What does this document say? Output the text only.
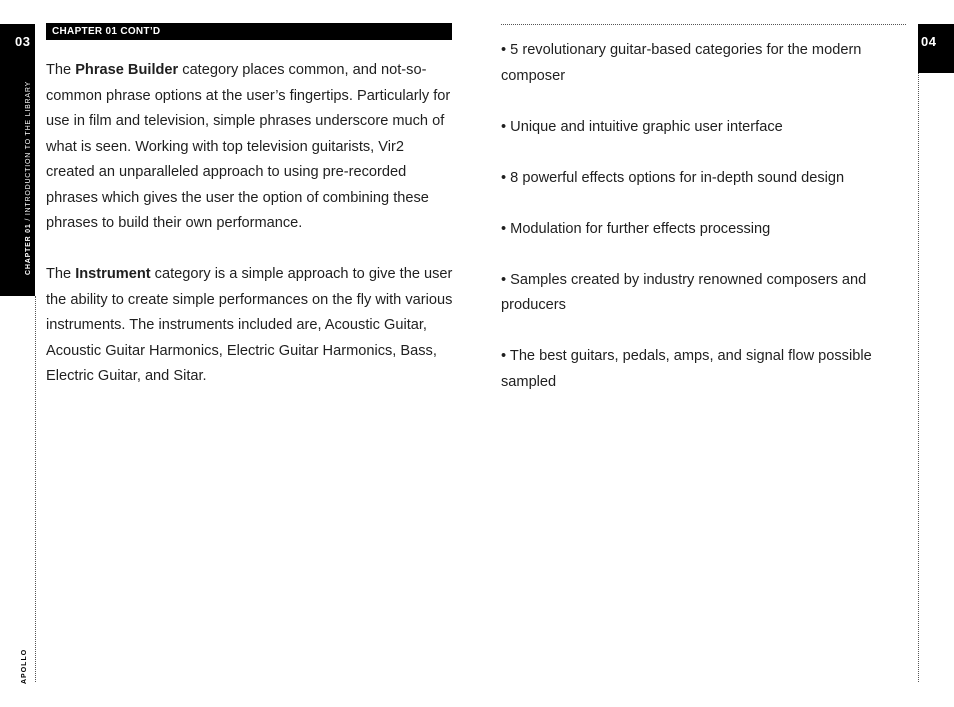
03
CHAPTER 01 / INTRODUCTION TO THE LIBRARY
APOLLO
CHAPTER 01 CONT’D

The Phrase Builder category places common, and not-so-common phrase options at the user’s fingertips. Particularly for use in film and television, simple phrases underscore much of what is seen. Working with top television guitarists, Vir2 created an unparalleled approach to using pre-recorded phrases which gives the user the option of combining these phrases to build their own performance.

The Instrument category is a simple approach to give the user the ability to create simple performances on the fly with various instruments. The instruments included are, Acoustic Guitar, Acoustic Guitar Harmonics, Electric Guitar Harmonics, Bass, Electric Guitar, and Sitar.

• 5 revolutionary guitar-based categories for the modern composer

• Unique and intuitive graphic user interface

• 8 powerful effects options for in-depth sound design

• Modulation for further effects processing

• Samples created by industry renowned composers and producers

• The best guitars, pedals, amps, and signal flow possible sampled

04
